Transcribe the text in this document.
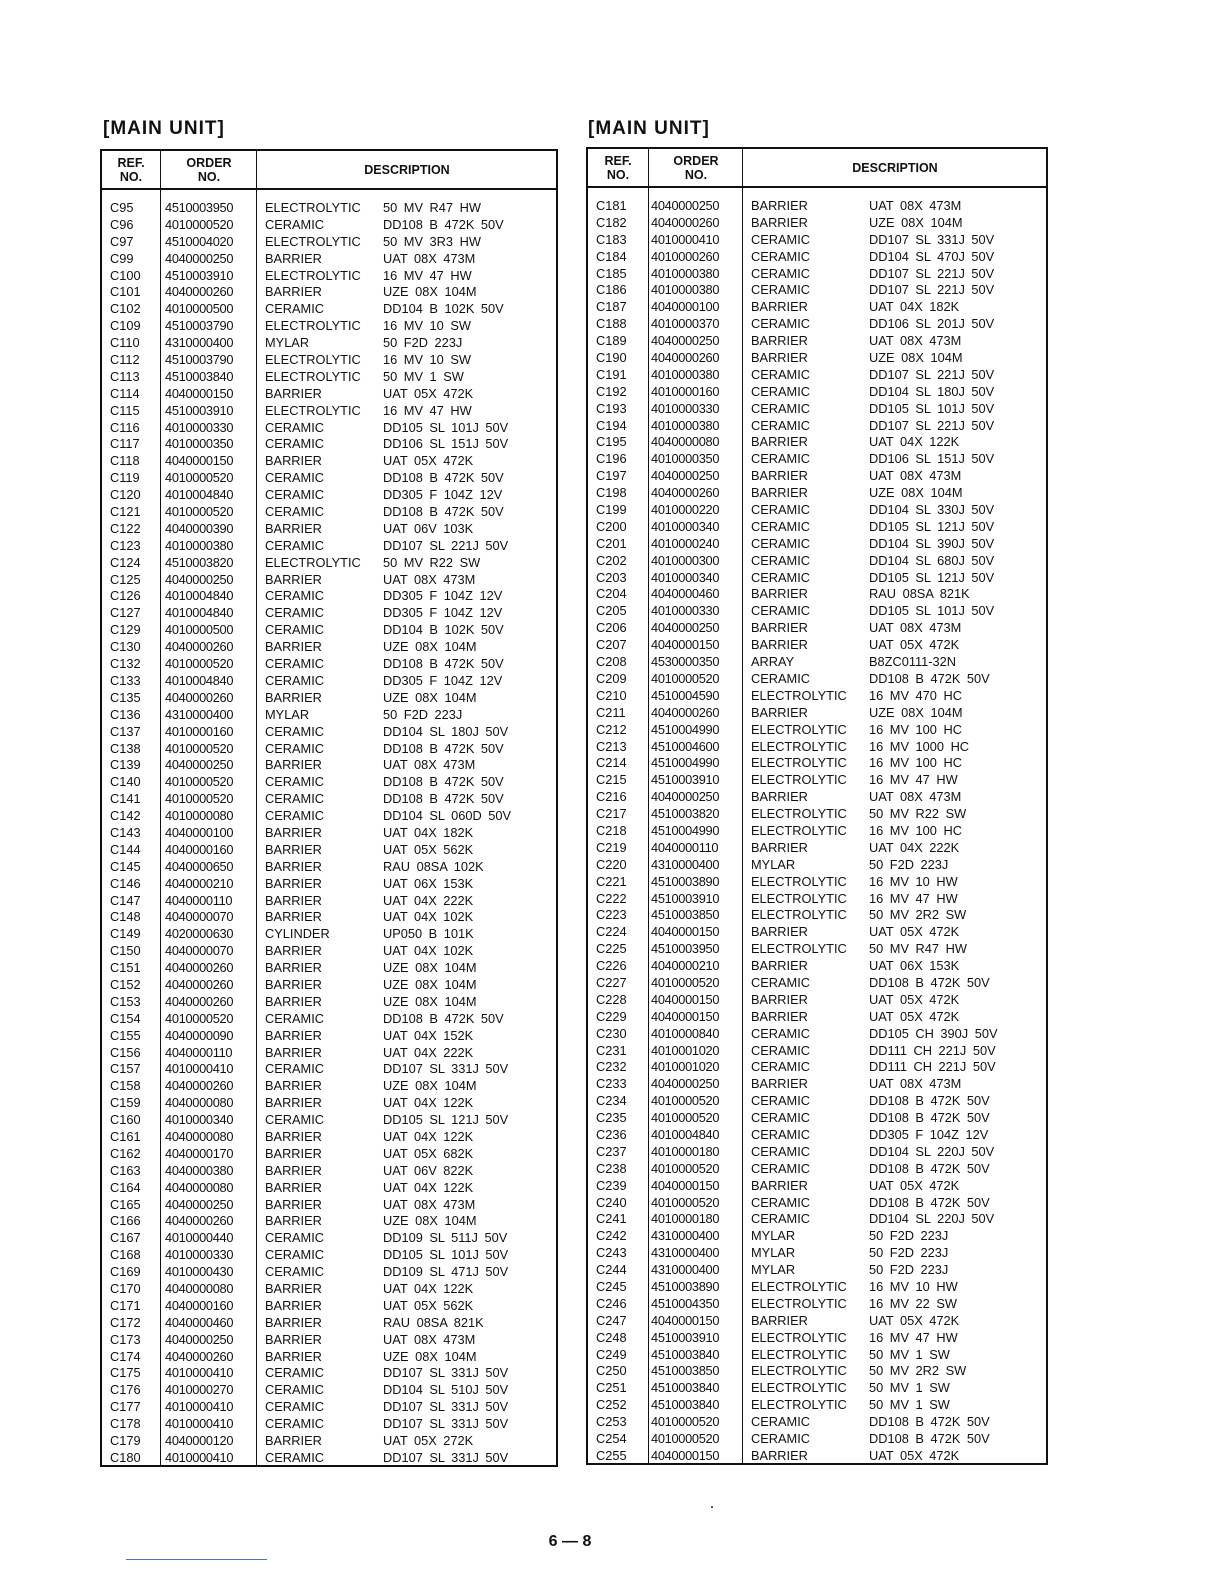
[MAIN UNIT]	[MAIN UNIT]
REF.
NO.
ORDER
NO.	DESCRIPTION
C95 4510003950 ELECTROLYTIC 50 MV R47 HW
C96 4010000520 CERAMIC	DD108 B 472K 50V
C97 4510004020 ELECTROLYTIC 50 MV 3R3 HW
C99 4040000250 BARRIER	UAT 08X 473M
C100 4510003910 ELECTROLYTIC 16 MV 47 HW
C101 4040000260 BARRIER	UZE 08X 104M
C102 4010000500 CERAMIC	DD104 B 102K 50V
C109 4510003790 ELECTROLYTIC 16 MV 10 SW
C110 4310000400 MYLAR	50 F2D 223J
C112 4510003790 ELECTROLYTIC 16 MV 10 SW
C113 4510003840 ELECTROLYTIC 50 MV 1 SW
C114 4040000150 BARRIER	UAT 05X 472K
C115 4510003910 ELECTROLYTIC 16 MV 47 HW
C116 4010000330 CERAMIC	DD105 SL 101J 50V
C117 4010000350 CERAMIC	DD106 SL 151J 50V
C118 4040000150 BARRIER	UAT 05X 472K
C119 4010000520 CERAMIC	DD108 B 472K 50V
C120 4010004840 CERAMIC	DD305 F 104Z 12V
C121 4010000520 CERAMIC	DD108 B 472K 50V
C122 4040000390 BARRIER	UAT 06V 103K
C123 4010000380 CERAMIC	DD107 SL 221J 50V
C124 4510003820 ELECTROLYTIC 50 MV R22 SW
C125 4040000250 BARRIER	UAT 08X 473M
C126 4010004840 CERAMIC	DD305 F 104Z 12V
C127 4010004840 CERAMIC	DD305 F 104Z 12V
C129 4010000500 CERAMIC	DD104 B 102K 50V
C130 4040000260 BARRIER	UZE 08X 104M
C132 4010000520 CERAMIC	DD108 B 472K 50V
C133 4010004840 CERAMIC	DD305 F 104Z 12V
C135 4040000260 BARRIER	UZE 08X 104M
C136 4310000400 MYLAR	50 F2D 223J
C137 4010000160 CERAMIC	DD104 SL 180J 50V
C138 4010000520 CERAMIC	DD108 B 472K 50V
C139 4040000250 BARRIER	UAT 08X 473M
C140 4010000520 CERAMIC	DD108 B 472K 50V
C141 4010000520 CERAMIC	DD108 B 472K 50V
C142 4010000080 CERAMIC	DD104 SL 060D 50V
C143 4040000100 BARRIER	UAT 04X 182K
C144 4040000160 BARRIER	UAT 05X 562K
C145 4040000650 BARRIER	RAU 08SA 102K
C146 4040000210 BARRIER	UAT 06X 153K
C147 4040000110	BARRIER	UAT 04X 222K
C148 4040000070 BARRIER	UAT 04X 102K
C149 4020000630 CYLINDER	UP050 B 101K
C150 4040000070 BARRIER	UAT 04X 102K
C151 4040000260 BARRIER	UZE 08X 104M
C152 4040000260 BARRIER	UZE 08X 104M
C153 4040000260 BARRIER	UZE 08X 104M
C154 4010000520 CERAMIC	DD108 B 472K 50V
C155 4040000090 BARRIER	UAT 04X 152K
C156 4040000110	BARRIER	UAT 04X 222K
C157 4010000410 CERAMIC	DD107 SL 331J 50V
C158 4040000260 BARRIER	UZE 08X 104M
C159 4040000080 BARRIER	UAT 04X 122K
C160 4010000340 CERAMIC	DD105 SL 121J 50V
C161 4040000080 BARRIER	UAT 04X 122K
C162 4040000170 BARRIER	UAT 05X 682K
C163 4040000380 BARRIER	UAT 06V 822K
C164 4040000080 BARRIER	UAT 04X 122K
C165 4040000250 BARRIER	UAT 08X 473M
C166 4040000260 BARRIER	UZE 08X 104M
C167 4010000440 CERAMIC	DD109 SL 511J 50V
C168 4010000330 CERAMIC	DD105 SL 101J 50V
C169 4010000430 CERAMIC	DD109 SL 471J 50V
C170 4040000080 BARRIER	UAT 04X 122K
C171 4040000160 BARRIER	UAT 05X 562K
C172 4040000460 BARRIER	RAU 08SA 821K
C173 4040000250 BARRIER	UAT 08X 473M
C174 4040000260 BARRIER	UZE 08X 104M
C175 4010000410 CERAMIC	DD107 SL 331J 50V
C176 4010000270 CERAMIC	DD104 SL 510J 50V
C177 4010000410 CERAMIC	DD107 SL 331J 50V
C178 4010000410 CERAMIC	DD107 SL 331J 50V
C179 4040000120 BARRIER	UAT 05X 272K
C180 4010000410 CERAMIC	DD107 SL 331J 50V
REF.
NO.
ORDER
NO.	DESCRIPTION
C181 4040000250 BARRIER	UAT 08X 473M
C182 4040000260 BARRIER	UZE 08X 104M
C183 4010000410 CERAMIC	DD107 SL 331J 50V
C184 4010000260 CERAMIC	DD104 SL 470J 50V
C185 4010000380 CERAMIC	DD107 SL 221J 50V
C186 4010000380 CERAMIC	DD107 SL 221J 50V
C187 4040000100 BARRIER	UAT 04X 182K
C188 4010000370 CERAMIC	DD106 SL 201J 50V
C189 4040000250 BARRIER	UAT 08X 473M
C190 4040000260 BARRIER	UZE 08X 104M
C191 4010000380 CERAMIC	DD107 SL 221J 50V
C192 4010000160 CERAMIC	DD104 SL 180J 50V
C193 4010000330 CERAMIC	DD105 SL 101J 50V
C194 4010000380 CERAMIC	DD107 SL 221J 50V
C195 4040000080 BARRIER	UAT 04X 122K
C196 4010000350 CERAMIC	DD106 SL 151J 50V
C197 4040000250 BARRIER	UAT 08X 473M
C198 4040000260 BARRIER	UZE 08X 104M
C199 4010000220 CERAMIC	DD104 SL 330J 50V
C200 4010000340 CERAMIC	DD105 SL 121J 50V
C201 4010000240 CERAMIC	DD104 SL 390J 50V
C202 4010000300 CERAMIC	DD104 SL 680J 50V
C203 4010000340 CERAMIC	DD105 SL 121J 50V
C204 4040000460 BARRIER	RAU 08SA 821K
C205 4010000330 CERAMIC	DD105 SL 101J 50V
C206 4040000250 BARRIER	UAT 08X 473M
C207 4040000150 BARRIER	UAT 05X 472K
C208 4530000350 ARRAY	B8ZC0111-32N
C209 4010000520 CERAMIC	DD108 B 472K 50V
C210 4510004590 ELECTROLYTIC 16 MV 470 HC
C211 4040000260 BARRIER	UZE 08X 104M
C212 4510004990 ELECTROLYTIC 16 MV 100 HC
C213 4510004600 ELECTROLYTIC 16 MV 1000 HC
C214 4510004990 ELECTROLYTIC 16 MV 100 HC
C215 4510003910 ELECTROLYTIC 16 MV 47 HW
C216 4040000250 BARRIER	UAT 08X 473M
C217 4510003820 ELECTROLYTIC 50 MV R22 SW
C218 4510004990 ELECTROLYTIC 16 MV 100 HC
C219 4040000110	BARRIER	UAT 04X 222K
C220 4310000400 MYLAR	50 F2D 223J
C221 4510003890 ELECTROLYTIC 16 MV 10 HW
C222 4510003910 ELECTROLYTIC 16 MV 47 HW
C223 4510003850 ELECTROLYTIC 50 MV 2R2 SW
C224 4040000150 BARRIER	UAT 05X 472K
C225 4510003950 ELECTROLYTIC 50 MV R47 HW
C226 4040000210 BARRIER	UAT 06X 153K
C227 4010000520 CERAMIC	DD108 B 472K 50V
C228 4040000150 BARRIER	UAT 05X 472K
C229 4040000150 BARRIER	UAT 05X 472K
C230 4010000840 CERAMIC	DD105 CH 390J 50V
C231 4010001020 CERAMIC	DD111 CH 221J 50V
C232 4010001020 CERAMIC	DD111 CH 221J 50V
C233 4040000250 BARRIER	UAT 08X 473M
C234 4010000520 CERAMIC	DD108 B 472K 50V
C235 4010000520 CERAMIC	DD108 B 472K 50V
C236 4010004840 CERAMIC	DD305 F 104Z 12V
C237 4010000180 CERAMIC	DD104 SL 220J 50V
C238 4010000520 CERAMIC	DD108 B 472K 50V
C239 4040000150 BARRIER	UAT 05X 472K
C240 4010000520 CERAMIC	DD108 B 472K 50V
C241 4010000180 CERAMIC	DD104 SL 220J 50V
C242 4310000400 MYLAR	50 F2D 223J
C243 4310000400 MYLAR	50 F2D 223J
C244 4310000400 MYLAR	50 F2D 223J
C245 4510003890 ELECTROLYTIC 16 MV 10 HW
C246 4510004350 ELECTROLYTIC 16 MV 22 SW
C247 4040000150 BARRIER	UAT 05X 472K
C248 4510003910 ELECTROLYTIC 16 MV 47 HW
C249 4510003840 ELECTROLYTIC 50 MV 1 SW
C250 4510003850 ELECTROLYTIC 50 MV 2R2 SW
C251 4510003840 ELECTROLYTIC 50 MV 1 SW
C252 4510003840 ELECTROLYTIC 50 MV 1 SW
C253 4010000520 CERAMIC	DD108 B 472K 50V
C254 4010000520 CERAMIC	DD108 B 472K 50V
C255 4040000150 BARRIER	UAT 05X 472K
6 — 8
